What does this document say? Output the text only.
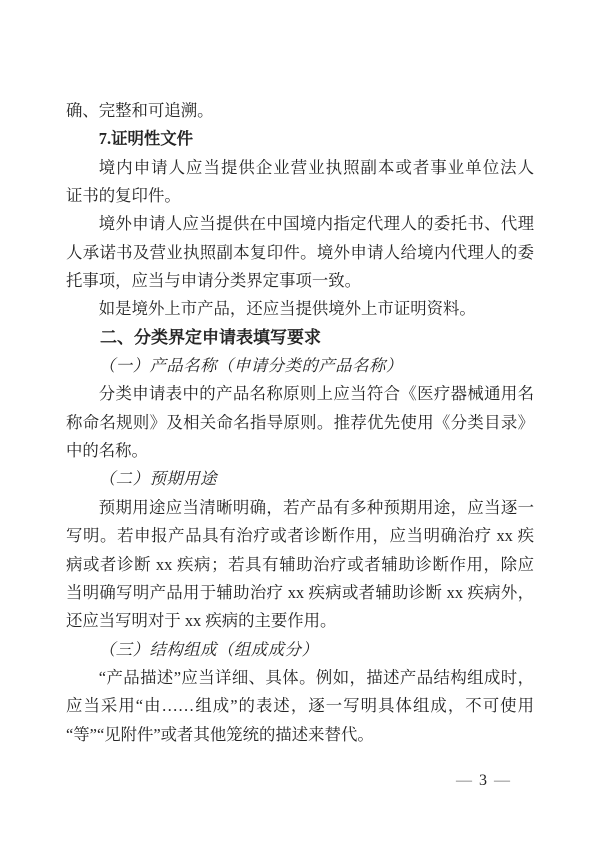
确、完整和可追溯。
7.证明性文件
境内申请人应当提供企业营业执照副本或者事业单位法人
证书的复印件。
境外申请人应当提供在中国境内指定代理人的委托书、代理
人承诺书及营业执照副本复印件。境外申请人给境内代理人的委
托事项，应当与申请分类界定事项一致。
如是境外上市产品，还应当提供境外上市证明资料。
二、分类界定申请表填写要求
（一）产品名称（申请分类的产品名称）
分类申请表中的产品名称原则上应当符合《医疗器械通用名
称命名规则》及相关命名指导原则。推荐优先使用《分类目录》
中的名称。
（二）预期用途
预期用途应当清晰明确，若产品有多种预期用途，应当逐一
写明。若申报产品具有治疗或者诊断作用，应当明确治疗 xx 疾
病或者诊断 xx 疾病；若具有辅助治疗或者辅助诊断作用，除应
当明确写明产品用于辅助治疗 xx 疾病或者辅助诊断 xx 疾病外，
还应当写明对于 xx 疾病的主要作用。
（三）结构组成（组成成分）
“产品描述”应当详细、具体。例如，描述产品结构组成时，
应当采用“由……组成”的表述，逐一写明具体组成，不可使用
“等”“见附件”或者其他笼统的描述来替代。
— 3 —
